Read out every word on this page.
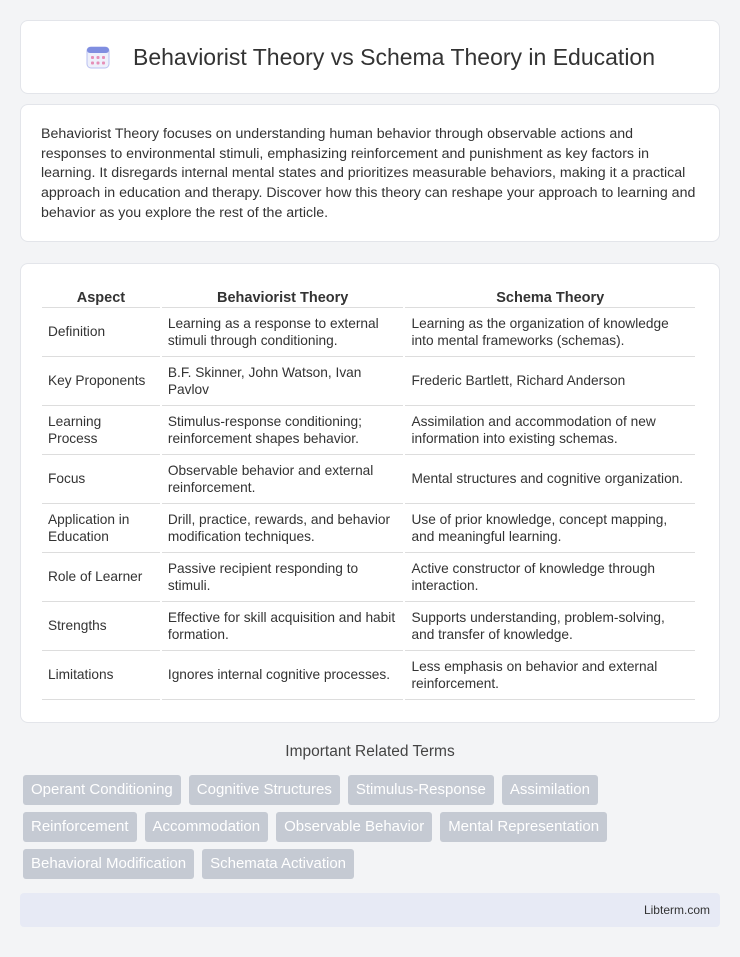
Behaviorist Theory vs Schema Theory in Education

Behaviorist Theory focuses on understanding human behavior through observable actions and responses to environmental stimuli, emphasizing reinforcement and punishment as key factors in learning. It disregards internal mental states and prioritizes measurable behaviors, making it a practical approach in education and therapy. Discover how this theory can reshape your approach to learning and behavior as you explore the rest of the article.

Aspect	Behaviorist Theory	Schema Theory
Definition	Learning as a response to external stimuli through conditioning.	Learning as the organization of knowledge into mental frameworks (schemas).
Key Proponents	B.F. Skinner, John Watson, Ivan Pavlov	Frederic Bartlett, Richard Anderson
Learning Process	Stimulus-response conditioning; reinforcement shapes behavior.	Assimilation and accommodation of new information into existing schemas.
Focus	Observable behavior and external reinforcement.	Mental structures and cognitive organization.
Application in Education	Drill, practice, rewards, and behavior modification techniques.	Use of prior knowledge, concept mapping, and meaningful learning.
Role of Learner	Passive recipient responding to stimuli.	Active constructor of knowledge through interaction.
Strengths	Effective for skill acquisition and habit formation.	Supports understanding, problem-solving, and transfer of knowledge.
Limitations	Ignores internal cognitive processes.	Less emphasis on behavior and external reinforcement.
Important Related Terms
Operant Conditioning	Cognitive Structures	Stimulus-Response	Assimilation
Reinforcement	Accommodation	Observable Behavior	Mental Representation
Behavioral Modification	Schemata Activation
Libterm.com
